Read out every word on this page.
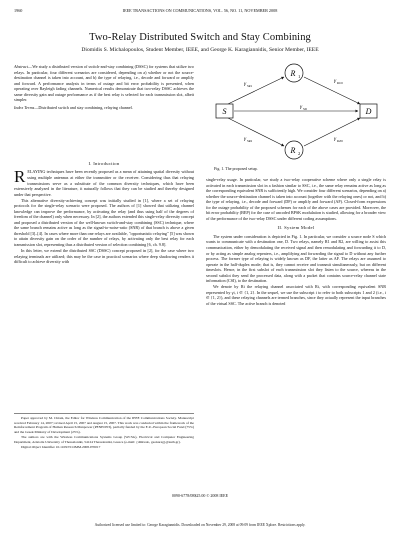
1960	IEEE TRANSACTIONS ON COMMUNICATIONS, VOL. 56, NO. 11, NOVEMBER 2008
Two-Relay Distributed Switch and Stay Combining
Diomidis S. Michalopoulos, Student Member, IEEE, and George K. Karagiannidis, Senior Member, IEEE

Abstract—We study a distributed version of switch-and-stay combining (DSSC) for systems that utilize two relays. In particular, four different scenarios are considered, depending on a) whether or not the source-destination channel is taken into account, and b) the type of relaying, i.e., decode and forward or amplify and forward. A performance analysis in terms of outage and bit error probability is presented, when operating over Rayleigh fading channels. Numerical results demonstrate that two-relay DSSC achieves the same diversity gain and outage performance as if the best relay is selected for each transmission slot, albeit simpler.

Index Terms—Distributed switch and stay combining, relaying channel.

I. Introduction

RELAYING techniques have been recently proposed as a mean of attaining spatial diversity without using multiple antennas at either the transmitter or the receiver. Considering thus that relaying transmissions serve as a substitute of the common diversity techniques, which have been extensively analyzed in the literature, it naturally follows that they can be studied and thereby designed under that perspective.

This alternative diversity-achieving concept was initially studied in [1], where a set of relaying protocols for the single-relay scenario were proposed. The authors of [1] showed that utilizing channel knowledge can improve the performance, by activating the relay (and thus using half of the degrees of freedom of the channel) only when necessary. In [2], the authors extended this single-relay diversity concept and proposed a distributed version of the well-known switch-and-stay combining (SSC) technique, where the same branch remains active as long as the signal-to-noise-ratio (SNR) of that branch is above a given threshold [3]–[4]. In cases where more than one relays are available, "opportunistic relaying" [5] was shown to attain diversity gain on the order of the number of relays, by activating only the best relay for each transmission slot, representing thus a distributed version of selection combining [6, ch. 9.8].

In this letter, we extend the distributed SSC (DSSC) concept proposed in [2], for the case where two relaying terminals are utilized; this may be the case in practical scenarios where deep shadowing renders it difficult to achieve diversity with

Paper approved by M. Chiani, the Editor for Wireless Communication of the IEEE Communications Society. Manuscript received February 14, 2007; revised April 15, 2007 and August 15, 2007. This work was conducted within the framework of the Reinforcement Program of Human Research Manpower (PENED'03), partially funded by the E.U.-European Social Fund (75%) and the Greek Ministry of Development (25%).

The authors are with the Wireless Communications Systems Group (WCSG), Electrical and Computer Engineering Department, Aristotle University of Thessaloniki, 54124 Thessaloniki, Greece (e-mail: {dmixalo, geokarag}@auth.gr).

Digital Object Identifier 10.1109/TCOMM.2008.070017

S	D
R 1
R 2
γ SR1
γ R1D
γ SD
γ SR2	γ R2D
Fig. 1. The proposed setup.

single-relay usage. In particular, we study a two-relay cooperative scheme where only a single relay is activated in each transmission slot in a fashion similar to SSC, i.e., the same relay remains active as long as the corresponding equivalent SNR is sufficiently high. We consider four different scenarios, depending on a) whether the source-destination channel is taken into account (together with the relaying ones) or not, and b) the type of relaying, i.e., decode and forward (DF) or amplify and forward (AF). Closed-form expressions for the outage probability of the proposed schemes for each of the above cases are provided. Moreover, the bit error probability (BEP) for the case of uncoded BPSK modulation is studied, allowing for a broader view of the performance of the two-relay DSSC under different coding assumptions.

II. System Model

The system under consideration is depicted in Fig. 1. In particular, we consider a source node S which wants to communicate with a destination one, D. Two relays, namely R1 and R2, are willing to assist this communication, either by demodulating the received signal and then remodulating and forwarding it to D, or by acting as simple analog repeaters, i.e., amplifying and forwarding the signal to D without any further process. The former type of relaying is widely known as DF, the latter as AF. The relays are assumed to operate in the half-duplex mode; that is, they cannot receive and transmit simultaneously, but on different timeslots. Hence, in the first subslot of each transmission slot they listen to the source, whereas in the second subslot they send the processed data, along with a packet that contains source-relay channel state information (CSI), to the destination.

We denote by Ri the relaying channel associated with Ri, with corresponding equivalent SNR represented by γi, i ∈ {1, 2}. In the sequel, we use the subscript i to refer to both subscripts 1 and 2 (i.e., i ∈ {1, 2}), and these relaying channels are termed branches, since they actually represent the input branches of the virtual SSC. The active branch is denoted

0090-6778/08$25.00 © 2008 IEEE
Authorized licensed use limited to: George Karagiannidis. Downloaded on November 29, 2008 at 09:09 from IEEE Xplore. Restrictions apply.
